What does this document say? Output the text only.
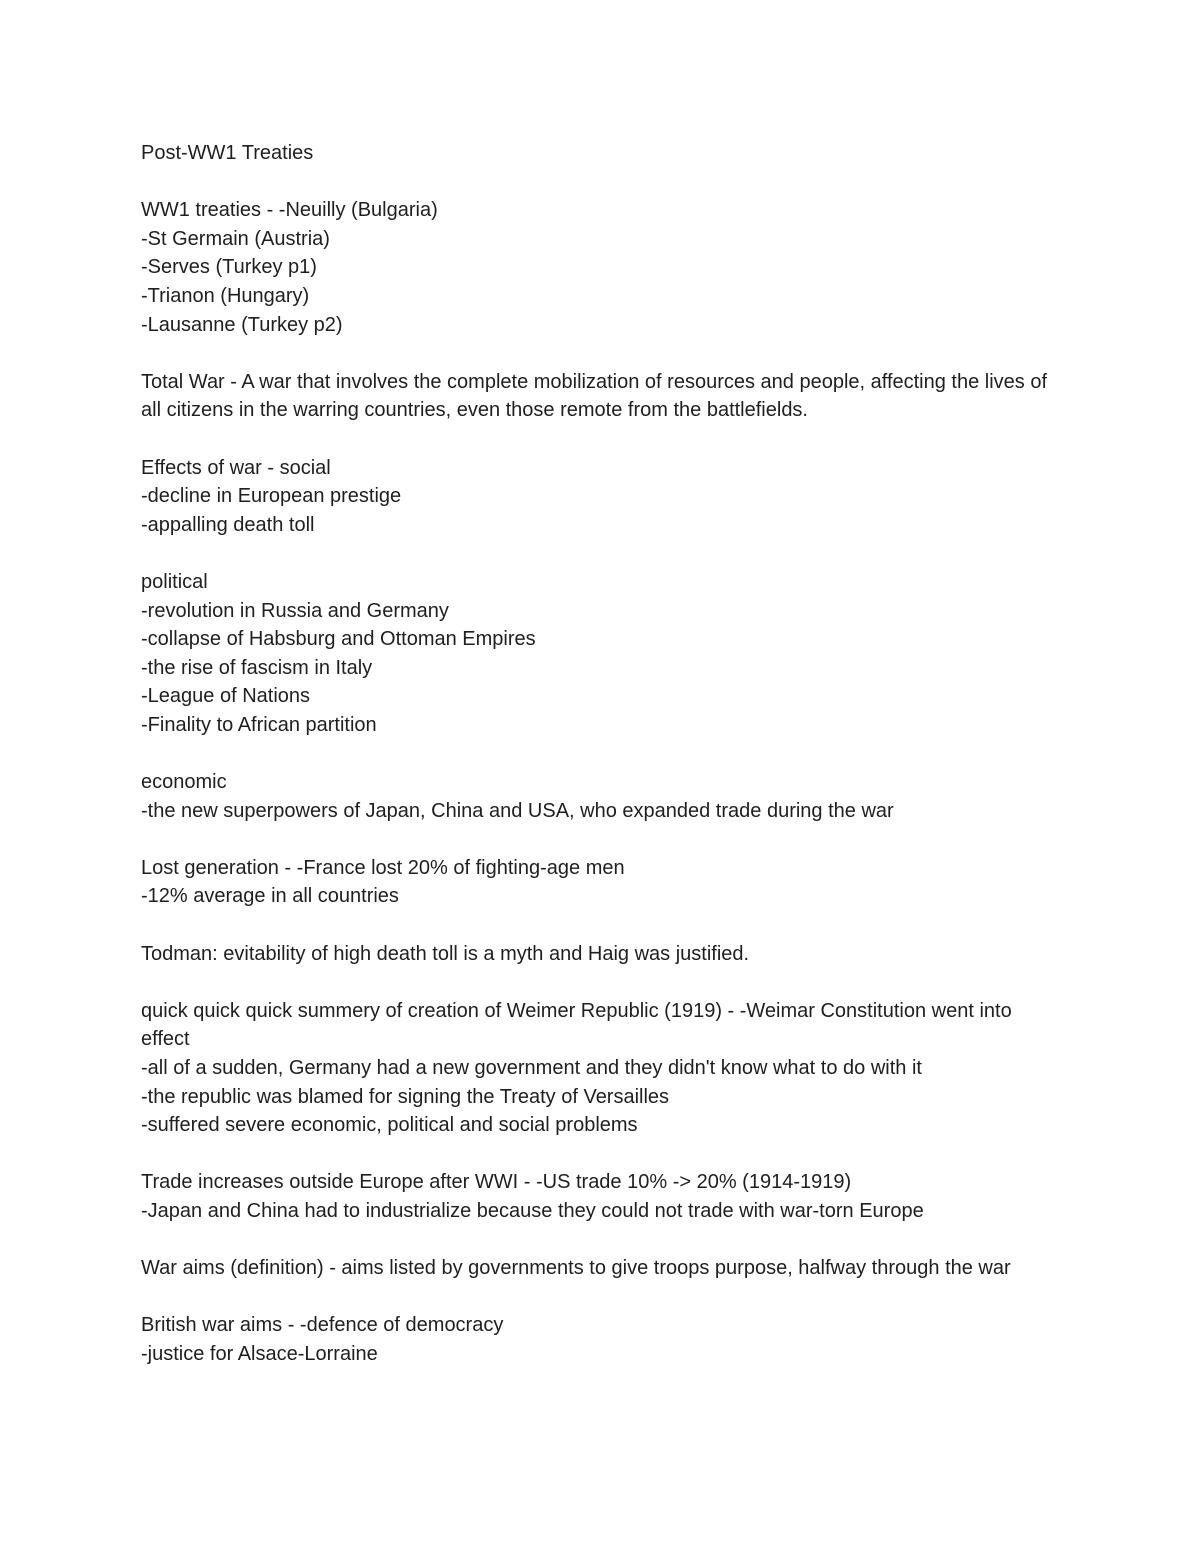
Post-WW1 Treaties
WW1 treaties - -Neuilly (Bulgaria)
-St Germain (Austria)
-Serves (Turkey p1)
-Trianon (Hungary)
-Lausanne (Turkey p2)
Total War - A war that involves the complete mobilization of resources and people, affecting the lives of all citizens in the warring countries, even those remote from the battlefields.
Effects of war - social
-decline in European prestige
-appalling death toll
political
-revolution in Russia and Germany
-collapse of Habsburg and Ottoman Empires
-the rise of fascism in Italy
-League of Nations
-Finality to African partition
economic
-the new superpowers of Japan, China and USA, who expanded trade during the war
Lost generation - -France lost 20% of fighting-age men
-12% average in all countries
Todman: evitability of high death toll is a myth and Haig was justified.
quick quick quick summery of creation of Weimer Republic (1919) - -Weimar Constitution went into effect
-all of a sudden, Germany had a new government and they didn't know what to do with it
-the republic was blamed for signing the Treaty of Versailles
-suffered severe economic, political and social problems
Trade increases outside Europe after WWI - -US trade 10% -> 20% (1914-1919)
-Japan and China had to industrialize because they could not trade with war-torn Europe
War aims (definition) - aims listed by governments to give troops purpose, halfway through the war
British war aims - -defence of democracy
-justice for Alsace-Lorraine
